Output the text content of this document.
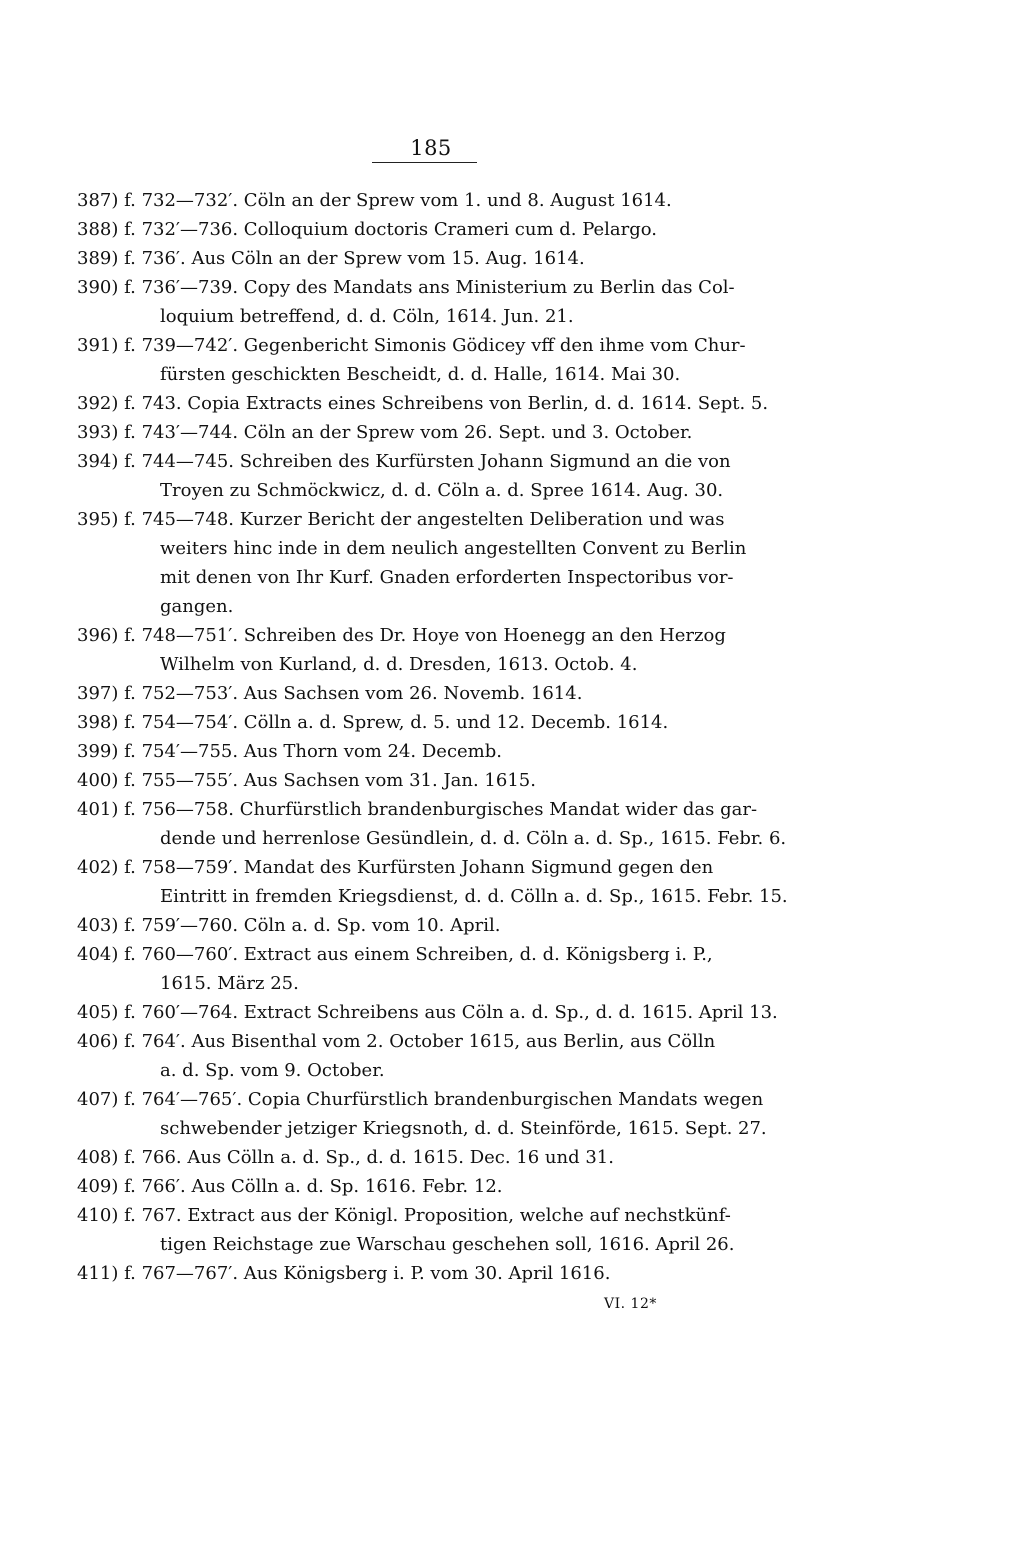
185
387) f. 732—732′. Cöln an der Sprew vom 1. und 8. August 1614.
388) f. 732′—736. Colloquium doctoris Crameri cum d. Pelargo.
389) f. 736′. Aus Cöln an der Sprew vom 15. Aug. 1614.
390) f. 736′—739. Copy des Mandats ans Ministerium zu Berlin das Col-
loquium betreffend, d. d. Cöln, 1614. Jun. 21.
391) f. 739—742′. Gegenbericht Simonis Gödicey vff den ihme vom Chur-
fürsten geschickten Bescheidt, d. d. Halle, 1614. Mai 30.
392) f. 743. Copia Extracts eines Schreibens von Berlin, d. d. 1614. Sept. 5.
393) f. 743′—744. Cöln an der Sprew vom 26. Sept. und 3. October.
394) f. 744—745. Schreiben des Kurfürsten Johann Sigmund an die von
Troyen zu Schmöckwicz, d. d. Cöln a. d. Spree 1614. Aug. 30.
395) f. 745—748. Kurzer Bericht der angestelten Deliberation und was
weiters hinc inde in dem neulich angestellten Convent zu Berlin
mit denen von Ihr Kurf. Gnaden erforderten Inspectoribus vor-
gangen.
396) f. 748—751′. Schreiben des Dr. Hoye von Hoenegg an den Herzog
Wilhelm von Kurland, d. d. Dresden, 1613. Octob. 4.
397) f. 752—753′. Aus Sachsen vom 26. Novemb. 1614.
398) f. 754—754′. Cölln a. d. Sprew, d. 5. und 12. Decemb. 1614.
399) f. 754′—755. Aus Thorn vom 24. Decemb.
400) f. 755—755′. Aus Sachsen vom 31. Jan. 1615.
401) f. 756—758. Churfürstlich brandenburgisches Mandat wider das gar-
dende und herrenlose Gesündlein, d. d. Cöln a. d. Sp., 1615. Febr. 6.
402) f. 758—759′. Mandat des Kurfürsten Johann Sigmund gegen den
Eintritt in fremden Kriegsdienst, d. d. Cölln a. d. Sp., 1615. Febr. 15.
403) f. 759′—760. Cöln a. d. Sp. vom 10. April.
404) f. 760—760′. Extract aus einem Schreiben, d. d. Königsberg i. P.,
1615. März 25.
405) f. 760′—764. Extract Schreibens aus Cöln a. d. Sp., d. d. 1615. April 13.
406) f. 764′. Aus Bisenthal vom 2. October 1615, aus Berlin, aus Cölln
a. d. Sp. vom 9. October.
407) f. 764′—765′. Copia Churfürstlich brandenburgischen Mandats wegen
schwebender jetziger Kriegsnoth, d. d. Steinförde, 1615. Sept. 27.
408) f. 766. Aus Cölln a. d. Sp., d. d. 1615. Dec. 16 und 31.
409) f. 766′. Aus Cölln a. d. Sp. 1616. Febr. 12.
410) f. 767. Extract aus der Königl. Proposition, welche auf nechstkünf-
tigen Reichstage zue Warschau geschehen soll, 1616. April 26.
411) f. 767—767′. Aus Königsberg i. P. vom 30. April 1616.
VI. 12*
